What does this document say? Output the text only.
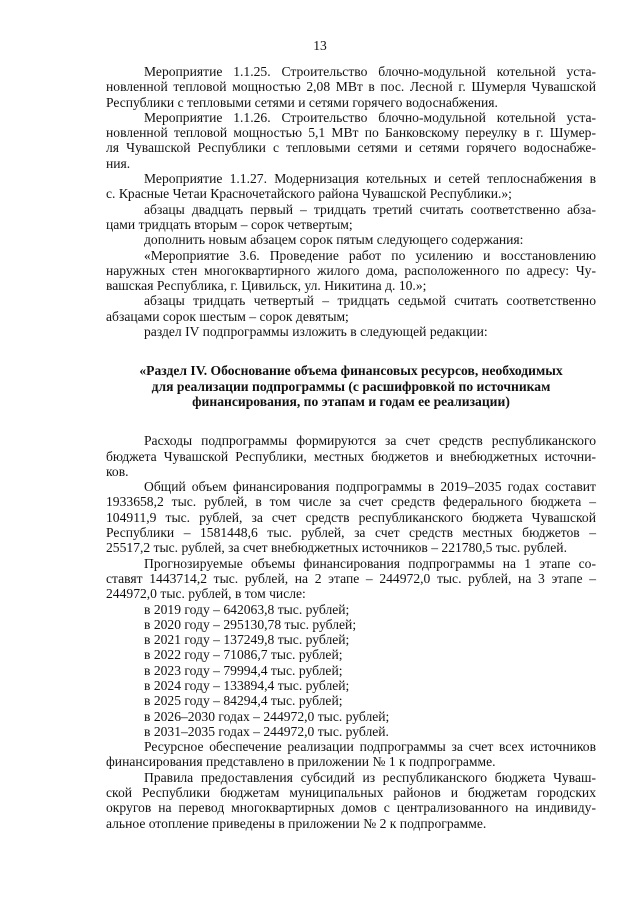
13
Мероприятие 1.1.25. Строительство блочно-модульной котельной уста-
новленной тепловой мощностью 2,08 МВт в пос. Лесной г. Шумерля Чувашской
Республики с тепловыми сетями и сетями горячего водоснабжения.
Мероприятие 1.1.26. Строительство блочно-модульной котельной уста-
новленной тепловой мощностью 5,1 МВт по Банковскому переулку в г. Шумер-
ля Чувашской Республики с тепловыми сетями и сетями горячего водоснабже-
ния.
Мероприятие 1.1.27. Модернизация котельных и сетей теплоснабжения в
с. Красные Четаи Красночетайского района Чувашской Республики.»;
абзацы двадцать первый – тридцать третий считать соответственно абза-
цами тридцать вторым – сорок четвертым;
дополнить новым абзацем сорок пятым следующего содержания:
«Мероприятие 3.6. Проведение работ по усилению и восстановлению
наружных стен многоквартирного жилого дома, расположенного по адресу: Чу-
вашская Республика, г. Цивильск, ул. Никитина д. 10.»;
абзацы тридцать четвертый – тридцать седьмой считать соответственно
абзацами сорок шестым – сорок девятым;
раздел IV подпрограммы изложить в следующей редакции:
«Раздел IV. Обоснование объема финансовых ресурсов, необходимых
для реализации подпрограммы (с расшифровкой по источникам
финансирования, по этапам и годам ее реализации)
Расходы подпрограммы формируются за счет средств республиканского
бюджета Чувашской Республики, местных бюджетов и внебюджетных источни-
ков.
Общий объем финансирования подпрограммы в 2019–2035 годах составит
1933658,2 тыс. рублей, в том числе за счет средств федерального бюджета –
104911,9 тыс. рублей, за счет средств республиканского бюджета Чувашской
Республики – 1581448,6 тыс. рублей, за счет средств местных бюджетов –
25517,2 тыс. рублей, за счет внебюджетных источников – 221780,5 тыс. рублей.
Прогнозируемые объемы финансирования подпрограммы на 1 этапе со-
ставят 1443714,2 тыс. рублей, на 2 этапе – 244972,0 тыс. рублей, на 3 этапе –
244972,0 тыс. рублей, в том числе:
в 2019 году – 642063,8 тыс. рублей;
в 2020 году – 295130,78 тыс. рублей;
в 2021 году – 137249,8 тыс. рублей;
в 2022 году – 71086,7 тыс. рублей;
в 2023 году – 79994,4 тыс. рублей;
в 2024 году – 133894,4 тыс. рублей;
в 2025 году – 84294,4 тыс. рублей;
в 2026–2030 годах – 244972,0 тыс. рублей;
в 2031–2035 годах – 244972,0 тыс. рублей.
Ресурсное обеспечение реализации подпрограммы за счет всех источников
финансирования представлено в приложении № 1 к подпрограмме.
Правила предоставления субсидий из республиканского бюджета Чуваш-
ской Республики бюджетам муниципальных районов и бюджетам городских
округов на перевод многоквартирных домов с централизованного на индивиду-
альное отопление приведены в приложении № 2 к подпрограмме.
